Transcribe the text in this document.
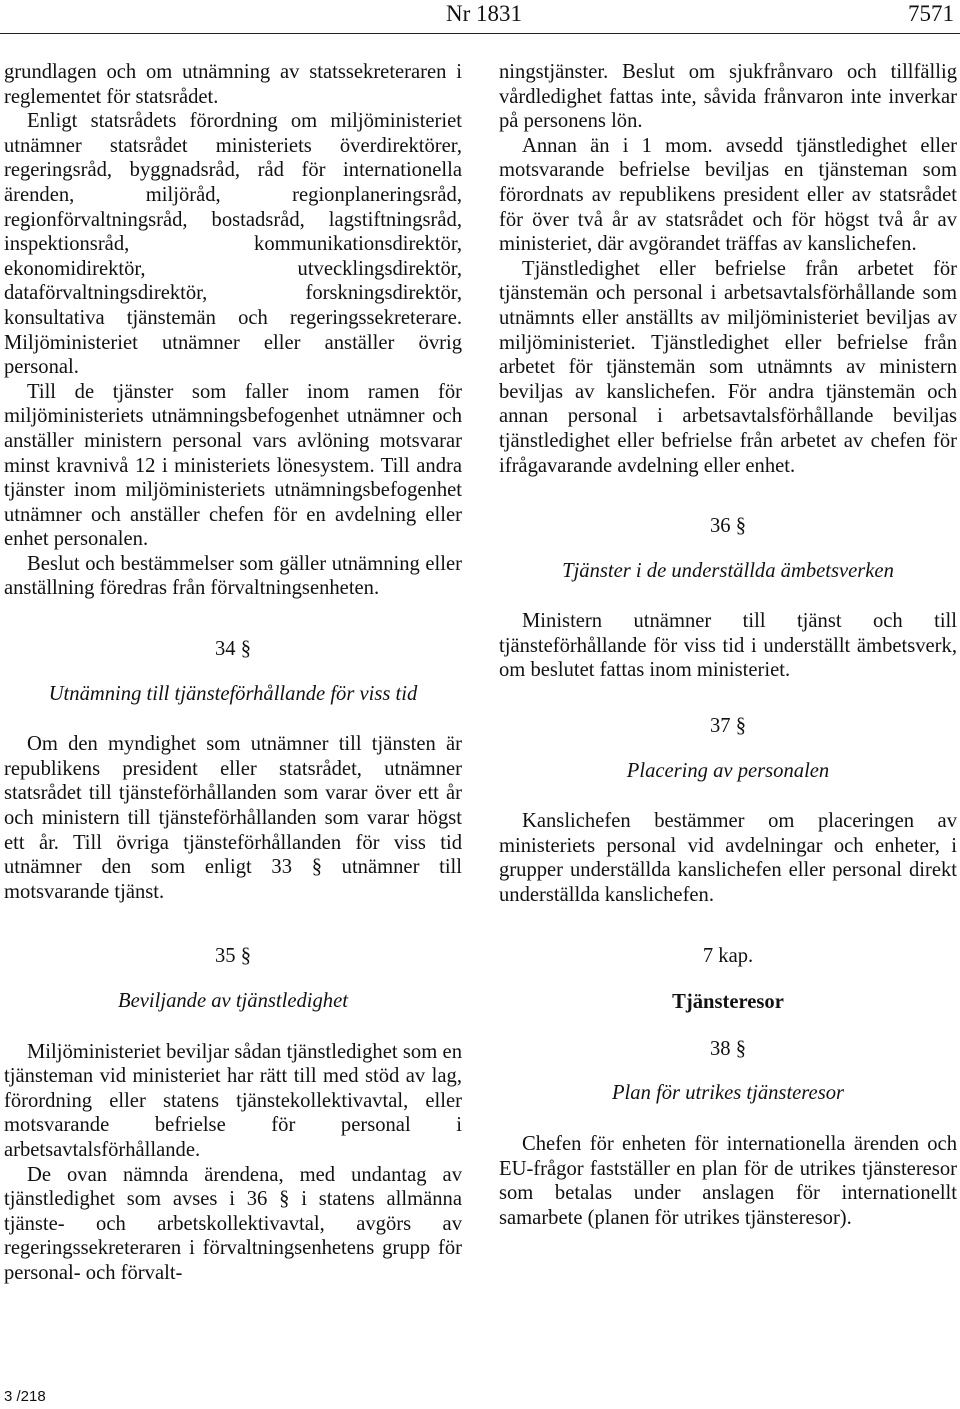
Nr 1831	7571

grundlagen och om utnämning av statssekreteraren i reglementet för statsrådet.

Enligt statsrådets förordning om miljöministeriet utnämner statsrådet ministeriets överdirektörer, regeringsråd, byggnadsråd, råd för internationella ärenden, miljöråd, regionplaneringsråd, regionförvaltningsråd, bostadsråd, lagstiftningsråd, inspektionsråd, kommunikationsdirektör, ekonomidirektör, utvecklingsdirektör, dataförvaltningsdirektör, forskningsdirektör, konsultativa tjänstemän och regeringssekreterare. Miljöministeriet utnämner eller anställer övrig personal.

Till de tjänster som faller inom ramen för miljöministeriets utnämningsbefogenhet utnämner och anställer ministern personal vars avlöning motsvarar minst kravnivå 12 i ministeriets lönesystem. Till andra tjänster inom miljöministeriets utnämningsbefogenhet utnämner och anställer chefen för en avdelning eller enhet personalen.

Beslut och bestämmelser som gäller utnämning eller anställning föredras från förvaltningsenheten.

34 §
Utnämning till tjänsteförhållande för viss tid

Om den myndighet som utnämner till tjänsten är republikens president eller statsrådet, utnämner statsrådet till tjänsteförhållanden som varar över ett år och ministern till tjänsteförhållanden som varar högst ett år. Till övriga tjänsteförhållanden för viss tid utnämner den som enligt 33 § utnämner till motsvarande tjänst.

35 §
Beviljande av tjänstledighet

Miljöministeriet beviljar sådan tjänstledighet som en tjänsteman vid ministeriet har rätt till med stöd av lag, förordning eller statens tjänstekollektivavtal, eller motsvarande befrielse för personal i arbetsavtalsförhållande.

De ovan nämnda ärendena, med undantag av tjänstledighet som avses i 36 § i statens allmänna tjänste- och arbetskollektivavtal, avgörs av regeringssekreteraren i förvaltningsenhetens grupp för personal- och förvalt-

ningstjänster. Beslut om sjukfrånvaro och tillfällig vårdledighet fattas inte, såvida frånvaron inte inverkar på personens lön.

Annan än i 1 mom. avsedd tjänstledighet eller motsvarande befrielse beviljas en tjänsteman som förordnats av republikens president eller av statsrådet för över två år av statsrådet och för högst två år av ministeriet, där avgörandet träffas av kanslichefen.

Tjänstledighet eller befrielse från arbetet för tjänstemän och personal i arbetsavtalsförhållande som utnämnts eller anställts av miljöministeriet beviljas av miljöministeriet. Tjänstledighet eller befrielse från arbetet för tjänstemän som utnämnts av ministern beviljas av kanslichefen. För andra tjänstemän och annan personal i arbetsavtalsförhållande beviljas tjänstledighet eller befrielse från arbetet av chefen för ifrågavarande avdelning eller enhet.

36 §
Tjänster i de underställda ämbetsverken

Ministern utnämner till tjänst och till tjänsteförhållande för viss tid i underställt ämbetsverk, om beslutet fattas inom ministeriet.

37 §
Placering av personalen

Kanslichefen bestämmer om placeringen av ministeriets personal vid avdelningar och enheter, i grupper underställda kanslichefen eller personal direkt underställda kanslichefen.

7 kap.
Tjänsteresor
38 §
Plan för utrikes tjänsteresor

Chefen för enheten för internationella ärenden och EU-frågor fastställer en plan för de utrikes tjänsteresor som betalas under anslagen för internationellt samarbete (planen för utrikes tjänsteresor).

3 /218
